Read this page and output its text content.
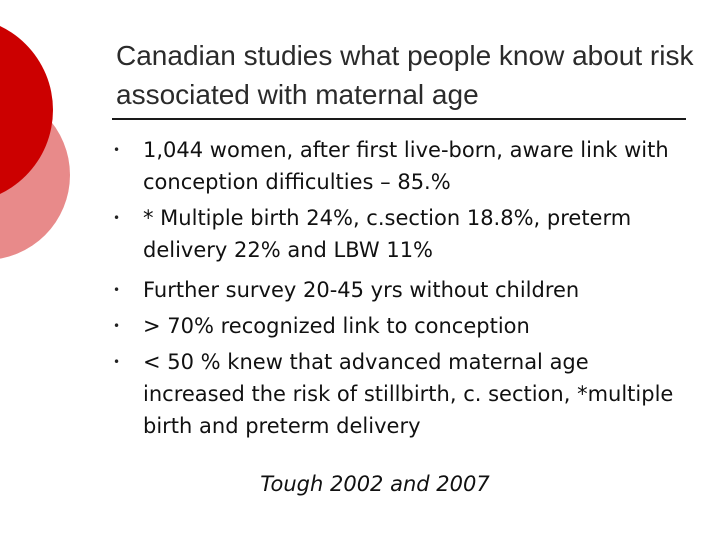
Canadian studies what people know about risk associated with maternal age
•	1,044 women, after first live-born, aware link with conception difficulties – 85.%
•	* Multiple birth 24%, c.section 18.8%, preterm delivery 22% and LBW 11%
•	Further survey 20-45 yrs without children
•	> 70% recognized link to conception
•	< 50 % knew that advanced maternal age increased the risk of stillbirth, c. section, *multiple birth and preterm delivery
Tough 2002 and 2007
